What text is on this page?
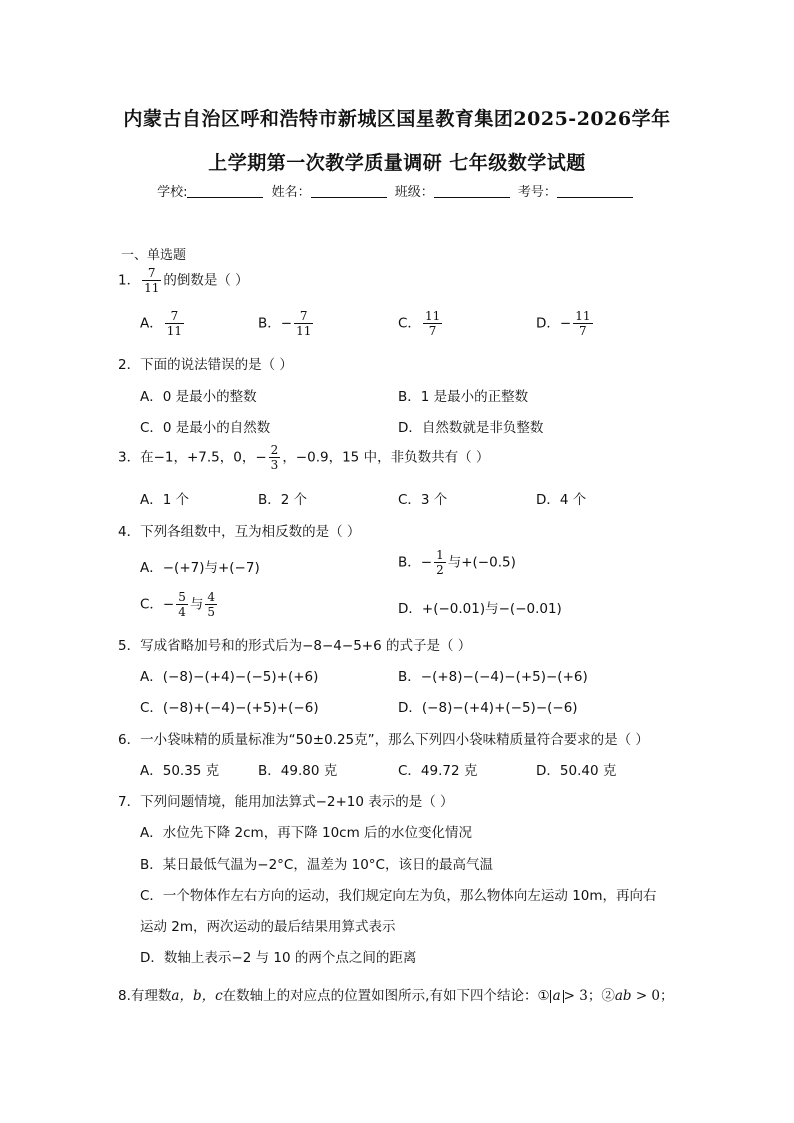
内蒙古自治区呼和浩特市新城区国星教育集团2025-2026学年
上学期第一次教学质量调研 七年级数学试题
学校:	姓名：	班级：	考号：
一、单选题
1． $\frac{7}{11}$ 的倒数是（ ）
A． $\frac{7}{11}$	B．− $\frac{7}{11}$	C． $\frac{11}{7}$	D．− $\frac{11}{7}$
2．下面的说法错误的是（ ）
A．0 是最小的整数	B．1 是最小的正整数
C．0 是最小的自然数	D．自然数就是非负整数
3．在−1，+7.5，0，− $\frac{2}{3}$ ，−0.9，15 中，非负数共有（ ）
A．1 个	B．2 个	C．3 个	D．4 个
4．下列各组数中，互为相反数的是（ ）
A．−(+7)与+(−7)	B．− $\frac{1}{2}$ 与+(−0.5)
C．− $\frac{5}{4}$ 与 $\frac{4}{5}$	D．+(−0.01)与−(−0.01)
5．写成省略加号和的形式后为−8−4−5+6 的式子是（ ）
A．(−8)−(+4)−(−5)+(+6)	B．−(+8)−(−4)−(+5)−(+6)
C．(−8)+(−4)−(+5)+(−6)	D．(−8)−(+4)+(−5)−(−6)
6．一小袋味精的质量标准为“50±0.25克”，那么下列四小袋味精质量符合要求的是（ ）
A．50.35 克	B．49.80 克	C．49.72 克	D．50.40 克
7．下列问题情境，能用加法算式−2+10 表示的是（ ）
A．水位先下降 2cm，再下降 10cm 后的水位变化情况
B．某日最低气温为−2°C，温差为 10°C，该日的最高气温
C．一个物体作左右方向的运动，我们规定向左为负，那么物体向左运动 10m，再向右
运动 2m，两次运动的最后结果用算式表示
D．数轴上表示−2 与 10 的两个点之间的距离
8.有理数a，b，c在数轴上的对应点的位置如图所示,有如下四个结论：① a > 3；②ab > 0；
